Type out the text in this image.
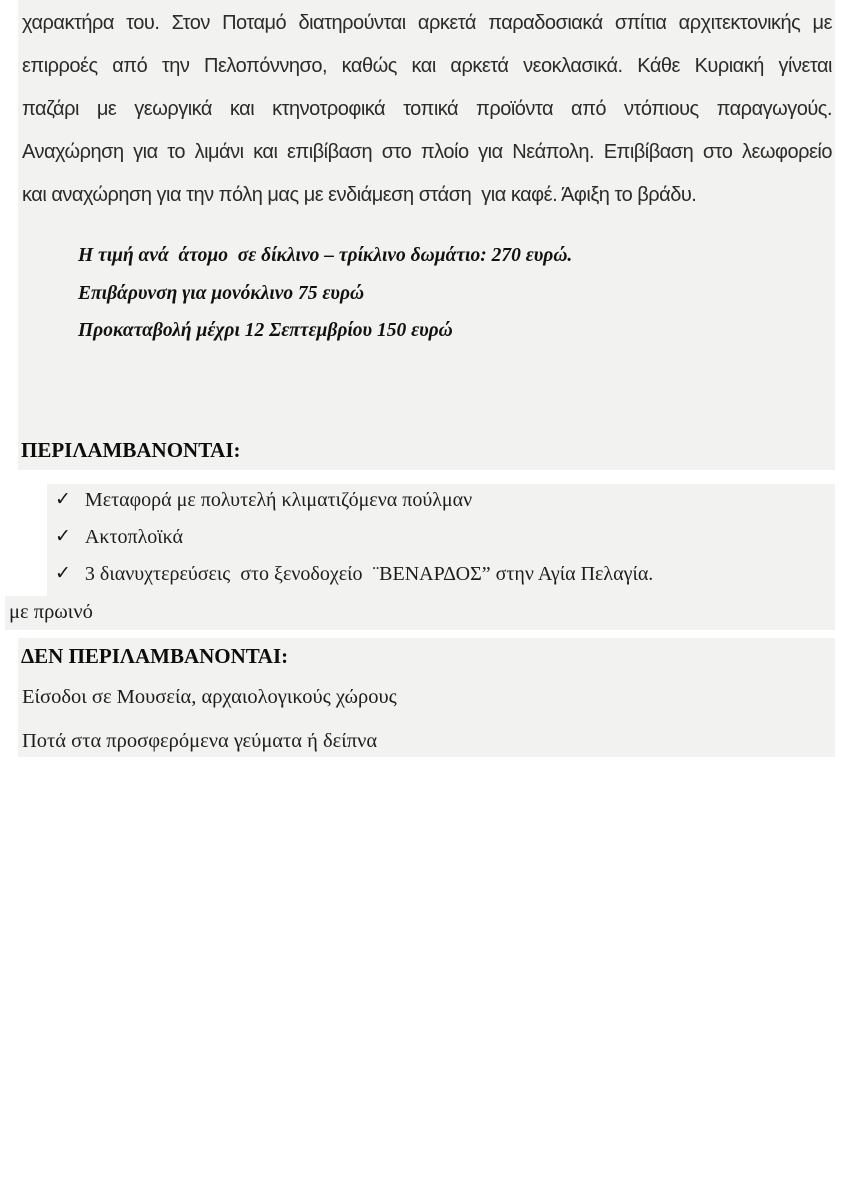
χαρακτήρα του. Στον Ποταμό διατηρούνται αρκετά παραδοσιακά σπίτια αρχιτεκτονικής με
επιρροές από την Πελοπόννησο, καθώς και αρκετά νεοκλασικά. Κάθε Κυριακή γίνεται
παζάρι με γεωργικά και κτηνοτροφικά τοπικά προϊόντα από ντόπιους παραγωγούς.
Αναχώρηση για το λιμάνι και επιβίβαση στο πλοίο για Νεάπολη. Επιβίβαση στο λεωφορείο
και αναχώρηση για την πόλη μας με ενδιάμεση στάση  για καφέ. Άφιξη το βράδυ.
Η τιμή ανά  άτομο  σε δίκλινο – τρίκλινο δωμάτιο: 270 ευρώ.
Επιβάρυνση για μονόκλινο 75 ευρώ
Προκαταβολή μέχρι 12 Σεπτεμβρίου 150 ευρώ
ΠΕΡΙΛΑΜΒΑΝΟΝΤΑΙ:
✓ Μεταφορά με πολυτελή κλιματιζόμενα πούλμαν
✓ Ακτοπλοϊκά
✓ 3 διανυχτερεύσεις  στο ξενοδοχείο  ¨ΒΕΝΑΡΔΟΣ” στην Αγία Πελαγία.
με πρωινό
ΔΕΝ ΠΕΡΙΛΑΜΒΑΝΟΝΤΑΙ:
Είσοδοι σε Μουσεία, αρχαιολογικούς χώρους
Ποτά στα προσφερόμενα γεύματα ή δείπνα
